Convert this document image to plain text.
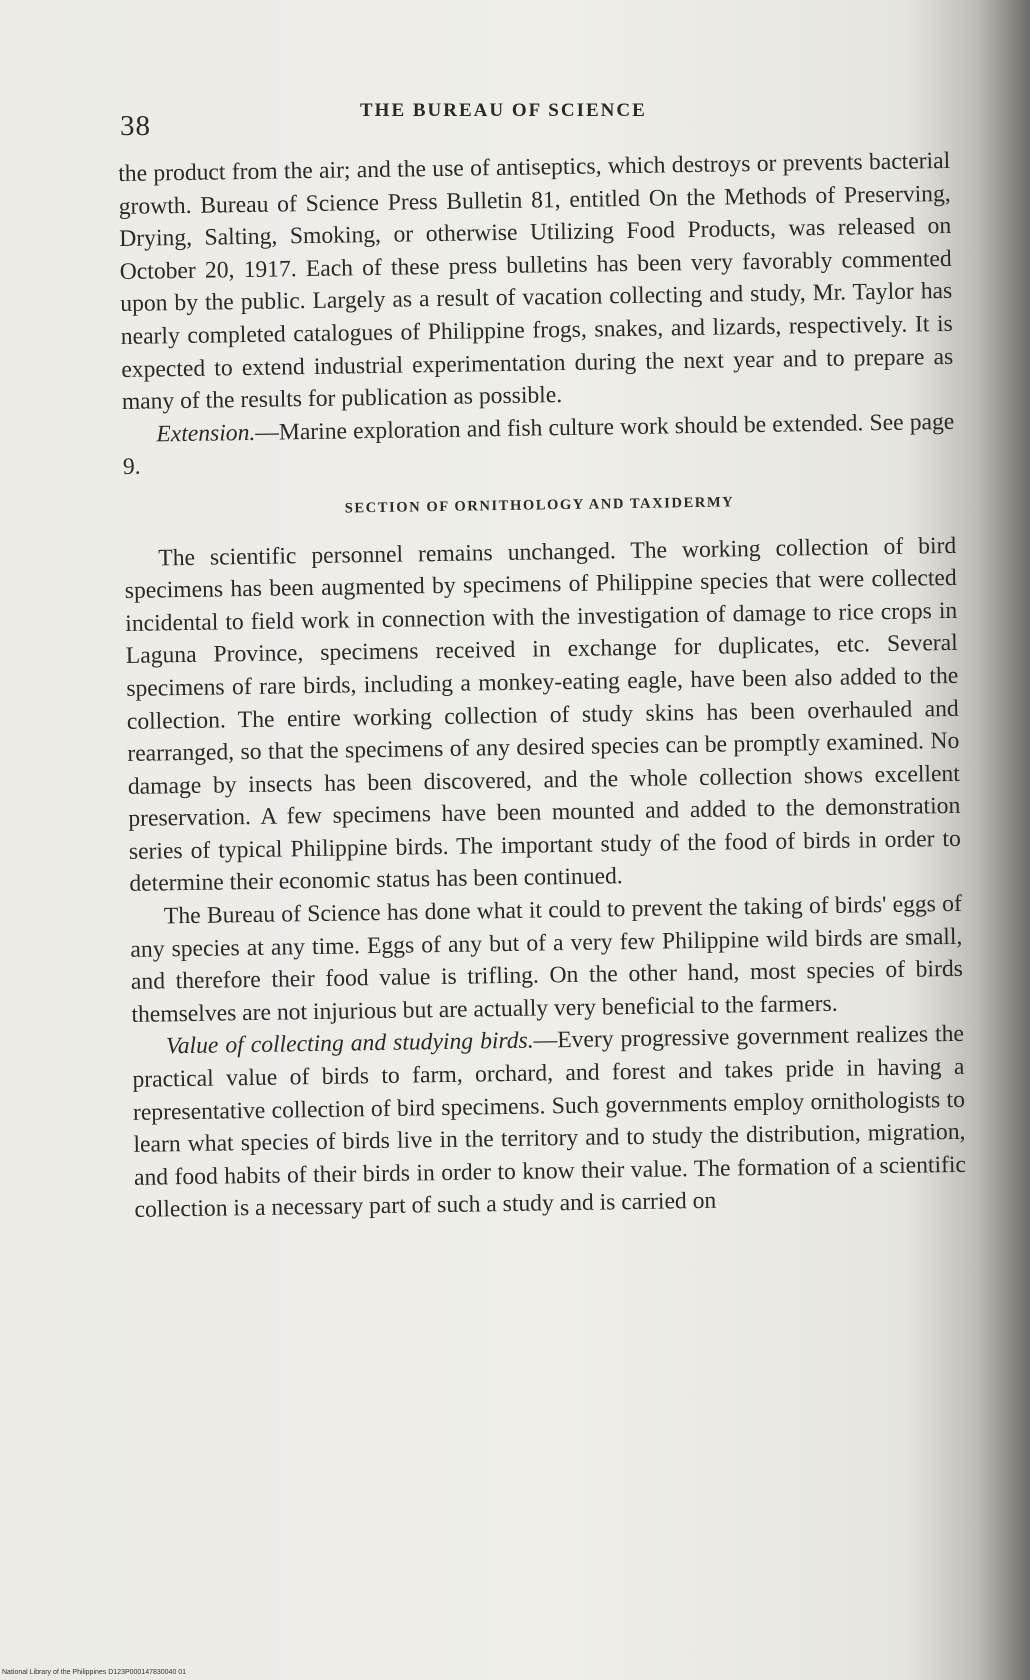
38	THE BUREAU OF SCIENCE

the product from the air; and the use of antiseptics, which destroys or prevents bacterial growth. Bureau of Science Press Bulletin 81, entitled On the Methods of Preserving, Drying, Salting, Smoking, or otherwise Utilizing Food Products, was released on October 20, 1917. Each of these press bulletins has been very favorably commented upon by the public. Largely as a result of vacation collecting and study, Mr. Taylor has nearly completed catalogues of Philippine frogs, snakes, and lizards, respectively. It is expected to extend industrial experimentation during the next year and to prepare as many of the results for publication as possible.

Extension.—Marine exploration and fish culture work should be extended. See page 9.

SECTION OF ORNITHOLOGY AND TAXIDERMY

The scientific personnel remains unchanged. The working collection of bird specimens has been augmented by specimens of Philippine species that were collected incidental to field work in connection with the investigation of damage to rice crops in Laguna Province, specimens received in exchange for duplicates, etc. Several specimens of rare birds, including a monkey-eating eagle, have been also added to the collection. The entire working collection of study skins has been overhauled and rearranged, so that the specimens of any desired species can be promptly examined. No damage by insects has been discovered, and the whole collection shows excellent preservation. A few specimens have been mounted and added to the demonstration series of typical Philippine birds. The important study of the food of birds in order to determine their economic status has been continued.

The Bureau of Science has done what it could to prevent the taking of birds' eggs of any species at any time. Eggs of any but of a very few Philippine wild birds are small, and therefore their food value is trifling. On the other hand, most species of birds themselves are not injurious but are actually very beneficial to the farmers.

Value of collecting and studying birds.—Every progressive government realizes the practical value of birds to farm, orchard, and forest and takes pride in having a representative collection of bird specimens. Such governments employ ornithologists to learn what species of birds live in the territory and to study the distribution, migration, and food habits of their birds in order to know their value. The formation of a scientific collection is a necessary part of such a study and is carried on

National Library of the Philippines D123P000147830040 01
